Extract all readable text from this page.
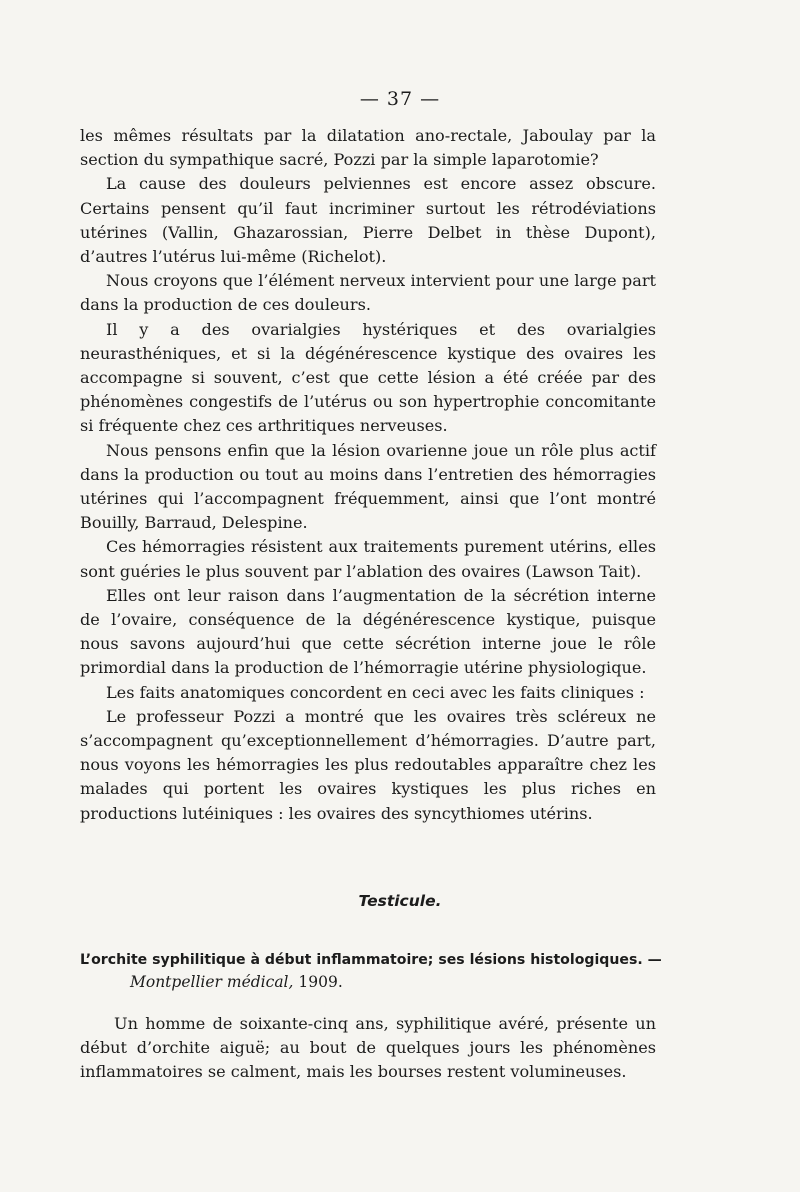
— 37 —

les mêmes résultats par la dilatation ano-rectale, Jaboulay par la section du sympathique sacré, Pozzi par la simple laparotomie?

La cause des douleurs pelviennes est encore assez obscure. Certains pensent qu’il faut incriminer surtout les rétrodéviations utérines (Vallin, Ghazarossian, Pierre Delbet in thèse Dupont), d’autres l’utérus lui-même (Richelot).

Nous croyons que l’élément nerveux intervient pour une large part dans la production de ces douleurs.

Il y a des ovarialgies hystériques et des ovarialgies neurasthéniques, et si la dégénérescence kystique des ovaires les accompagne si souvent, c’est que cette lésion a été créée par des phénomènes congestifs de l’utérus ou son hypertrophie concomitante si fréquente chez ces arthritiques nerveuses.

Nous pensons enfin que la lésion ovarienne joue un rôle plus actif dans la production ou tout au moins dans l’entretien des hémorragies utérines qui l’accompagnent fréquemment, ainsi que l’ont montré Bouilly, Barraud, Delespine.

Ces hémorragies résistent aux traitements purement utérins, elles sont guéries le plus souvent par l’ablation des ovaires (Lawson Tait).

Elles ont leur raison dans l’augmentation de la sécrétion interne de l’ovaire, conséquence de la dégénérescence kystique, puisque nous savons aujourd’hui que cette sécrétion interne joue le rôle primordial dans la production de l’hémorragie utérine physiologique.

Les faits anatomiques concordent en ceci avec les faits cliniques :

Le professeur Pozzi a montré que les ovaires très scléreux ne s’accompagnent qu’exceptionnellement d’hémorragies. D’autre part, nous voyons les hémorragies les plus redoutables apparaître chez les malades qui portent les ovaires kystiques les plus riches en productions lutéiniques : les ovaires des syncythiomes utérins.

Testicule.
L’orchite syphilitique à début inflammatoire; ses lésions histologiques. —
Montpellier médical, 1909.

Un homme de soixante-cinq ans, syphilitique avéré, présente un début d’orchite aiguë; au bout de quelques jours les phénomènes inflammatoires se calment, mais les bourses restent volumineuses.
